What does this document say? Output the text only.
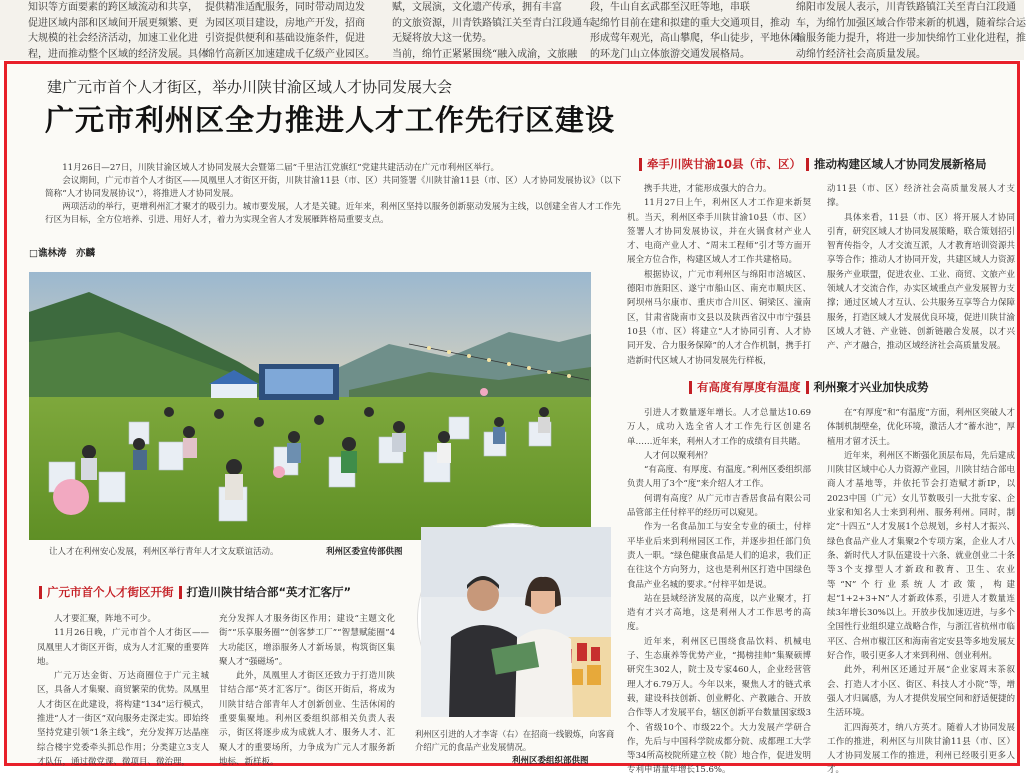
知识等方面要素的跨区域流动和共享，
促进区域内部和区域间开展更频繁、更
大规模的社会经济活动，加速工业化进
程，进而推动整个区域的经济发展。具体
提供精准适配服务，同时带动周边发
为园区项目建设，房地产开发，招商
引资提供便利和基础设施条件，促进
绵竹高新区加速建成千亿级产业园区。
赋，文展演，文化遗产传承，拥有丰富
的文旅资源，川青铁路镇江关至青白江段通车
无疑将放大这一优势。
当前，绵竹正紧紧围绕“融入成渝，文旅融
段，牛山自玄武郡至汉旺等地，串联
起绵竹目前在建和拟建的重大交通项目，推动
形成莺年观光，高山攀爬，华山徒步，平地休闲
的环龙门山立体旅游交通发展格局。
绵阳市发展人表示，川青铁路镇江关至青白江段通
车，为绵竹加强区域合作带来新的机遇，随着综合运
输服务能力提升，将进一步加快绵竹工业化进程，推
动绵竹经济社会高质量发展。
建广元市首个人才街区，举办川陕甘渝区域人才协同发展大会
广元市利州区全力推进人才工作先行区建设

11月26日—27日，川陕甘渝区域人才协同发展大会暨第二届“千里洁江党旗红”党建共建活动在广元市利州区举行。

会议期间，广元市首个人才街区——凤凰里人才街区开街，川陕甘渝11县（市、区）共同签署《川陕甘渝11县（市、区）人才协同发展协议》（以下简称“人才协同发展协议”），将推进人才协同发展。

两项活动的举行，更增利州汇才聚才的吸引力。城市要发展，人才是关键。近年来，利州区坚持以服务创新驱动发展为主线，以创建全省人才工作先行区为目标，全方位培养、引进、用好人才，着力为实现全省人才发展雁阵格局重要支点。

□谯林涛　亦麟
让人才在利州安心发展，利州区举行青年人才文友联谊活动。	利州区委宣传部供图
牵手川陕甘渝10县（市、区） 推动构建区域人才协同发展新格局

携手共进，才能形成强大的合力。

11月27日上午，利州区人才工作迎来新契机。当天，利州区牵手川陕甘渝10县（市、区）签署人才协同发展协议，并在火锅食材产业人才、电商产业人才、“周末工程师”引才等方面开展全方位合作，构建区域人才工作共建格局。

根据协议，广元市利州区与绵阳市涪城区、德阳市旌阳区、遂宁市船山区、南充市顺庆区、阿坝州马尔康市、重庆市合川区、铜梁区、潼南区，甘肃省陇南市文县以及陕西省汉中市宁强县10县（市、区）将建立“人才协同引育、人才协同开发、合力服务保障”的人才合作机制，携手打造新时代区域人才协同发展先行样板，

动11县（市、区）经济社会高质量发展人才支撑。

具体来看，11县（市、区）将开展人才协同引育，研究区域人才协同发展策略，联合策划招引智育传指令，人才交流互派，人才教育培训资源共享等合作；推动人才协同开发，共建区域人力资源服务产业联盟，促进农业、工业、商贸、文旅产业领域人才交流合作，办实区域重点产业发展智力支撑；通过区域人才互认、公共服务互享等合力保障服务，打造区域人才发展优良环境，促进川陕甘渝区域人才链、产业链、创新链融合发展，以才兴产、产才融合，推动区域经济社会高质量发展。

有高度有厚度有温度 利州聚才兴业加快成势

引进人才数量逐年增长。人才总量达10.69万人，成功入选全省人才工作先行区创建名单……近年来，利州人才工作的成绩有目共睹。

人才何以聚利州？

“有高度、有厚度、有温度。”利州区委组织部负责人用了3个“度”来介绍人才工作。

何谓有高度？从广元市吉香居食品有限公司品管部主任付梓平的经历可以窥见。

作为一名食品加工与安全专业的硕士，付梓平毕业后来到利州园区工作，并逐步担任部门负责人一职。“绿色健康食品是人们的追求，我们正在往这个方向努力，这也是利州区打造中国绿色食品产业名城的要求。”付梓平如是说。

站在县域经济发展的高度，以产业聚才，打造有才兴才高地，这是利州人才工作思考的高度。

近年来，利州区已围绕食品饮料、机械电子、生态康养等优势产业，“揭榜挂帅”集聚硕博研究生302人，院士及专家460人，企业经营管理人才6.79万人。今年以来，聚焦人才的链式承载，建设科技创新、创业孵化、产教融合、开放合作等人才发展平台，辖区创新平台数量国家级3个、省级10个、市级22个。大力发展产学研合作，先后与中国科学院成都分院、成都理工大学等34所高校院所建立校（院）地合作，促进发明专利申请量年增长15.6%。

在“有厚度”和“有温度”方面，利州区突破人才体制机制壁垒，优化环境，激活人才“蓄水池”，厚植用才留才沃土。

近年来，利州区不断强化顶层布局，先后建成川陕甘区域中心人力资源产业园，川陕甘结合部电商人才基地等，并依托节会打造赋才新IP，以2023中国（广元）女儿节数吸引一大批专家、企业家和知名人士来到利州、服务利州。同时，制定“十四五”人才发展1个总规划，乡村人才振兴、绿色食品产业人才集聚2个专项方案，企业人才八条、新时代人才队伍建设十六条、就业创业二十条等3个支撑型人才新政和教育、卫生、农业等“N”个行业系统人才政策，构建起“1+2+3+N”人才新政体系，引进人才数量连续3年增长30%以上。开放步伐加速迈进，与多个全国性行业组织建立战略合作，与浙江省杭州市临平区、合州市椒江区和海南省定安县等多地发展友好合作，吸引更多人才来到利州、创业利州。

此外，利州区还通过开展“企业家周末茶叙会、打造人才小区、街区、科技人才小院”等，增强人才归属感，为人才提供发展空间和舒适便捷的生活环境。

汇四海英才，纳八方英才。随着人才协同发展工作的推进，利州区与川陕甘渝11县（市、区）人才协同发展工作的推进，利州已经吸引更多人才。

广元市首个人才街区开街 打造川陕甘结合部“英才汇客厅”

人才要汇聚，阵地不可少。

11月26日晚，广元市首个人才街区——凤凰里人才街区开街，成为人才汇聚的重要阵地。

广元万达金街、万达商圈位于广元主城区，具备人才集聚、商贸繁荣的优势。凤凰里人才街区在此建设，将构建“134”运行模式，推进“人才一街区”双向服务走深走实。即始终坚持党建引领“1条主线”，充分发挥万达晶座综合楼宇党委牵头抓总作用；分类建立3支人才队伍，通过微党课、微项目、微治理，

充分发挥人才服务街区作用；建设“主题文化街”“乐享服务圈”“创客梦工厂”“智慧赋能圈”4大功能区，增添服务人才新场景，构筑街区集聚人才“强磁场”。

此外，凤凰里人才街区还致力于打造川陕甘结合部“英才汇客厅”。街区开街后，将成为川陕甘结合部青年人才创新创业、生活休闲的重要集聚地。利州区委组织部相关负责人表示，街区将逐步成为成就人才、服务人才、汇聚人才的重要场所，力争成为广元人才服务新地标、新样板。

利州区引进的人才李寄（右）在招商一线锻炼，向客商介绍广元的食品产业发展情况。
利州区委组织部供图
